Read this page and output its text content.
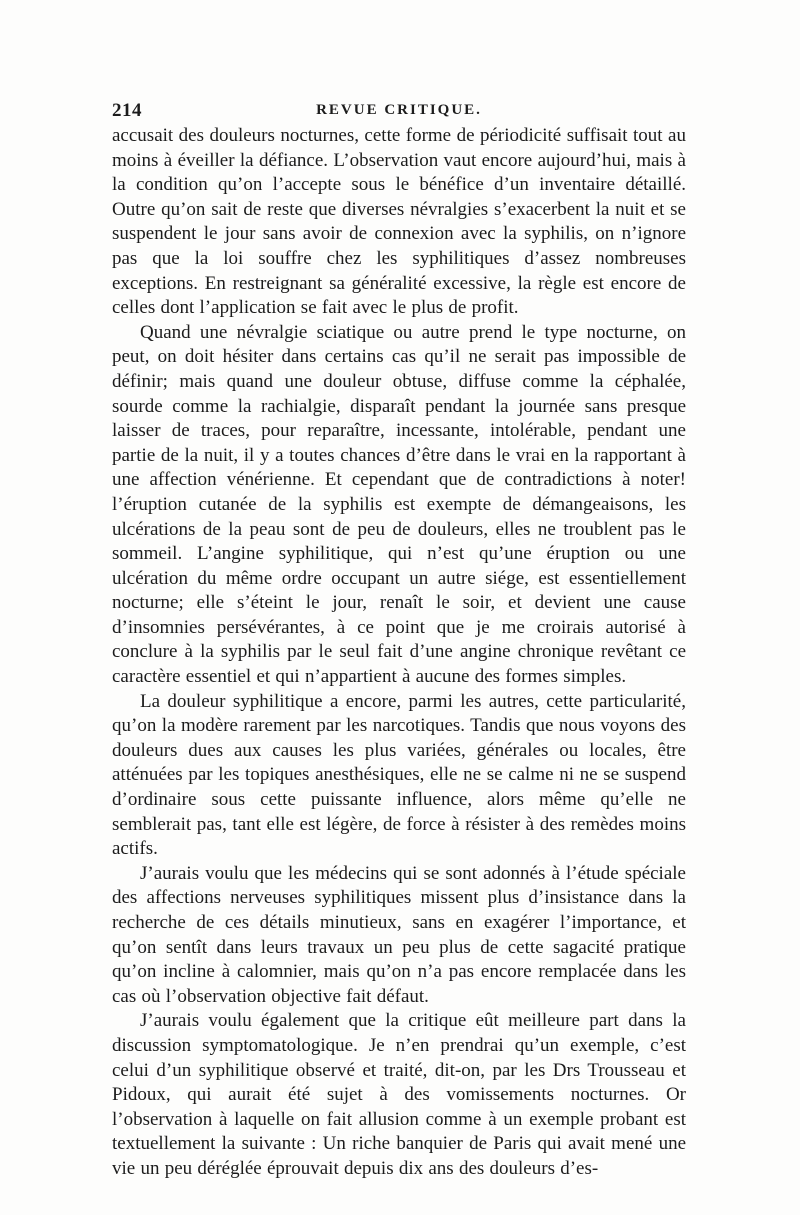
214	REVUE CRITIQUE.

accusait des douleurs nocturnes, cette forme de périodicité suffisait tout au moins à éveiller la défiance. L’observation vaut encore aujourd’hui, mais à la condition qu’on l’accepte sous le bénéfice d’un inventaire détaillé. Outre qu’on sait de reste que diverses névralgies s’exacerbent la nuit et se suspendent le jour sans avoir de connexion avec la syphilis, on n’ignore pas que la loi souffre chez les syphilitiques d’assez nombreuses exceptions. En restreignant sa généralité excessive, la règle est encore de celles dont l’application se fait avec le plus de profit.

Quand une névralgie sciatique ou autre prend le type nocturne, on peut, on doit hésiter dans certains cas qu’il ne serait pas impossible de définir; mais quand une douleur obtuse, diffuse comme la céphalée, sourde comme la rachialgie, disparaît pendant la journée sans presque laisser de traces, pour reparaître, incessante, intolérable, pendant une partie de la nuit, il y a toutes chances d’être dans le vrai en la rapportant à une affection vénérienne. Et cependant que de contradictions à noter! l’éruption cutanée de la syphilis est exempte de démangeaisons, les ulcérations de la peau sont de peu de douleurs, elles ne troublent pas le sommeil. L’angine syphilitique, qui n’est qu’une éruption ou une ulcération du même ordre occupant un autre siége, est essentiellement nocturne; elle s’éteint le jour, renaît le soir, et devient une cause d’insomnies persévérantes, à ce point que je me croirais autorisé à conclure à la syphilis par le seul fait d’une angine chronique revêtant ce caractère essentiel et qui n’appartient à aucune des formes simples.

La douleur syphilitique a encore, parmi les autres, cette particularité, qu’on la modère rarement par les narcotiques. Tandis que nous voyons des douleurs dues aux causes les plus variées, générales ou locales, être atténuées par les topiques anesthésiques, elle ne se calme ni ne se suspend d’ordinaire sous cette puissante influence, alors même qu’elle ne semblerait pas, tant elle est légère, de force à résister à des remèdes moins actifs.

J’aurais voulu que les médecins qui se sont adonnés à l’étude spéciale des affections nerveuses syphilitiques missent plus d’insistance dans la recherche de ces détails minutieux, sans en exagérer l’importance, et qu’on sentît dans leurs travaux un peu plus de cette sagacité pratique qu’on incline à calomnier, mais qu’on n’a pas encore remplacée dans les cas où l’observation objective fait défaut.

J’aurais voulu également que la critique eût meilleure part dans la discussion symptomatologique. Je n’en prendrai qu’un exemple, c’est celui d’un syphilitique observé et traité, dit-on, par les Drs Trousseau et Pidoux, qui aurait été sujet à des vomissements nocturnes. Or l’observation à laquelle on fait allusion comme à un exemple probant est textuellement la suivante : Un riche banquier de Paris qui avait mené une vie un peu déréglée éprouvait depuis dix ans des douleurs d’es-
